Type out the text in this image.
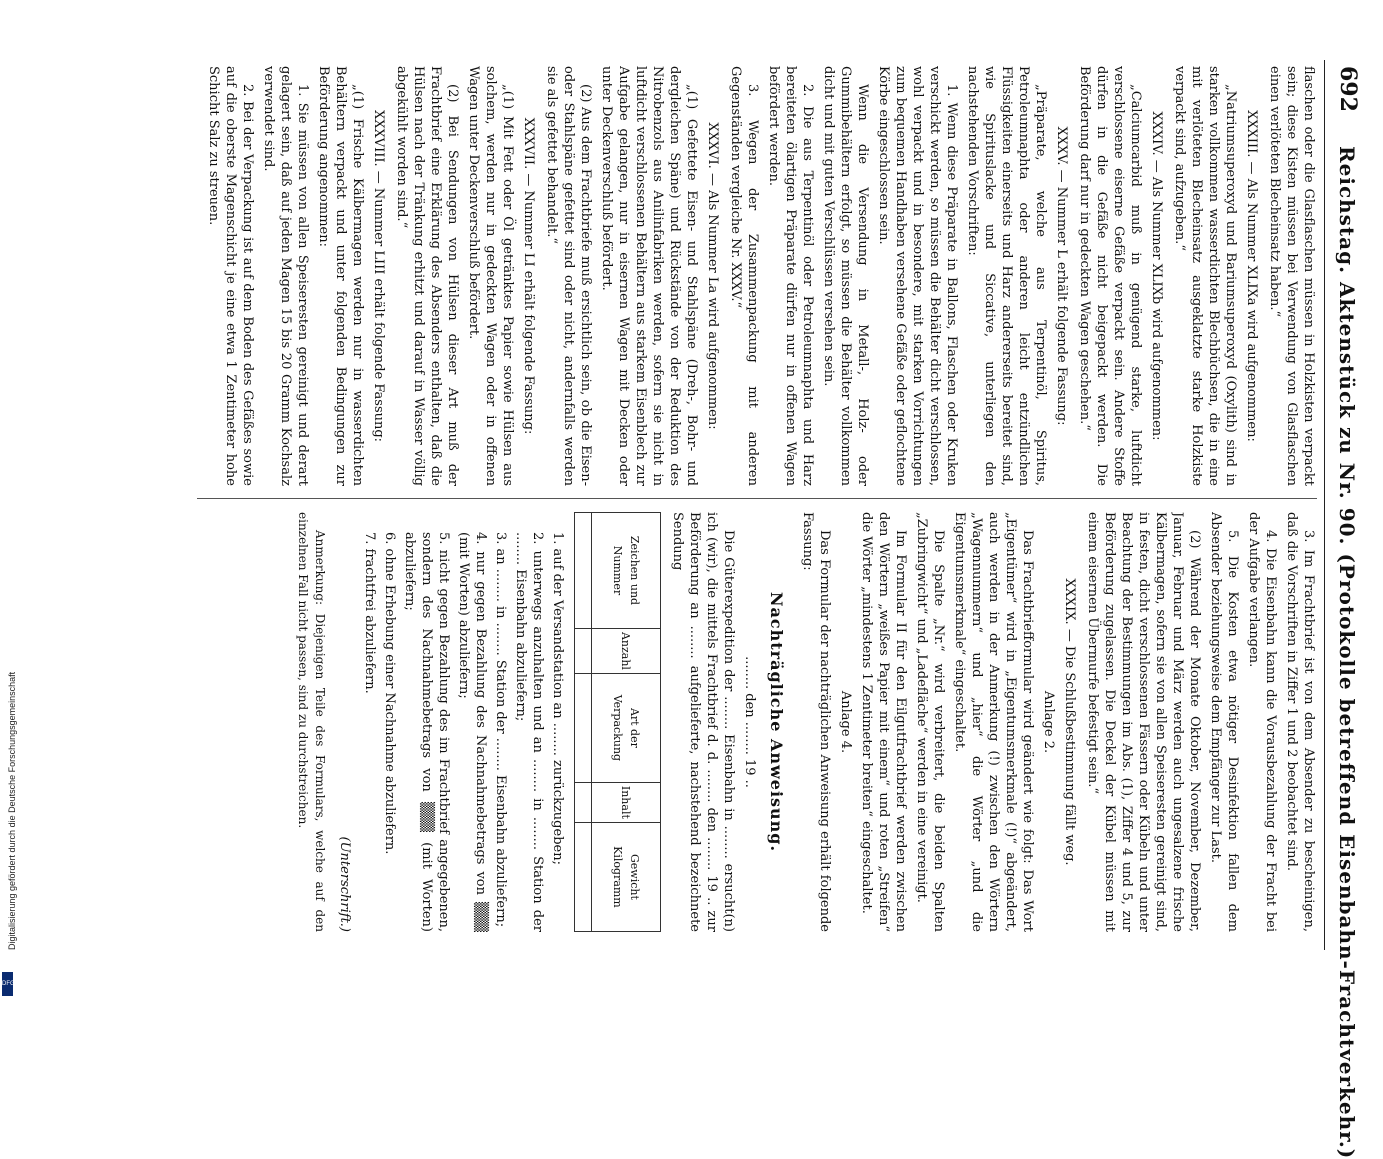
692
Reichstag. Aktenstück zu Nr. 90. (Protokolle betreffend Eisenbahn-Frachtverkehr.)

flaschen oder die Glasflaschen müssen in Holzkisten verpackt sein; diese Kisten müssen bei Verwendung von Glasflaschen einen verlöteten Blecheinsatz haben.“

XXXIII. — Als Nummer XLIXa wird aufgenommen:

„Natriumsuperoxyd und Bariumsuperoxyd (Oxylith) sind in starken vollkommen wasserdichten Blechbüchsen, die in eine mit verlöteten Blecheinsatz ausgeklatzte starke Holzkiste verpackt sind, aufzugeben.“

XXXIV. — Als Nummer XLIXb wird aufgenommen:

„Calciumcarbid muß in genügend starke, luftdicht verschlossene eiserne Gefäße verpackt sein. Andere Stoffe dürfen in die Gefäße nicht beigepackt werden. Die Beförderung darf nur in gedeckten Wagen geschehen.“

XXXV. — Nummer L erhält folgende Fassung:

„Präparate, welche aus Terpentinöl, Spiritus, Petroleumnaphta oder anderen leicht entzündlichen Flüssigkeiten einerseits und Harz andererseits bereitet sind, wie Spirituslacke und Siccative, unterliegen den nachstehenden Vorschriften:

1. Wenn diese Präparate in Ballons, Flaschen oder Kruken verschickt werden, so müssen die Behälter dicht verschlossen, wohl verpackt und in besondere, mit starken Vorrichtungen zum bequemen Handhaben versehene Gefäße oder geflochtene Körbe eingeschlossen sein.

Wenn die Versendung in Metall-, Holz- oder Gummibehältern erfolgt, so müssen die Behälter vollkommen dicht und mit guten Verschlüssen versehen sein.

2. Die aus Terpentinöl oder Petroleumnaphta und Harz bereiteten ölartigen Präparate dürfen nur in offenen Wagen befördert werden.

3. Wegen der Zusammenpackung mit anderen Gegenständen vergleiche Nr. XXXV.“

XXXVI. — Als Nummer La wird aufgenommen:

„(1) Gefettete Eisen- und Stahlspäne (Dreh-, Bohr- und dergleichen Späne) und Rückstände von der Reduktion des Nitrobenzols aus Anilinfabriken werden, sofern sie nicht in luftdicht verschlossenen Behältern aus starkem Eisenblech zur Aufgabe gelangen, nur in eisernen Wagen mit Decken oder unter Deckenverschluß befördert.

(2) Aus dem Frachtbriefe muß ersichtlich sein, ob die Eisen- oder Stahlspäne gefettet sind oder nicht, andernfalls werden sie als gefettet behandelt.“

XXXVII. — Nummer LI erhält folgende Fassung:

„(1) Mit Fett oder Öl getränktes Papier sowie Hülsen aus solchem, werden nur in gedeckten Wagen oder in offenen Wagen unter Deckenverschluß befördert.

(2) Bei Sendungen von Hülsen dieser Art muß der Frachtbrief eine Erklärung des Absenders enthalten, daß die Hülsen nach der Tränkung erhitzt und darauf in Wasser völlig abgekühlt worden sind.“

XXXVIII. — Nummer LIII erhält folgende Fassung:

„(1) Frische Kälbermagen werden nur in wasserdichten Behältern verpackt und unter folgenden Bedingungen zur Beförderung angenommen:

1. Sie müssen von allen Speiseresten gereinigt und derart gelagert sein, daß auf jeden Magen 15 bis 20 Gramm Kochsalz verwendet sind.

2. Bei der Verpackung ist auf dem Boden des Gefäßes sowie auf die oberste Magenschicht je eine etwa 1 Zentimeter hohe Schicht Salz zu streuen.

3. Im Frachtbrief ist von dem Absender zu bescheinigen, daß die Vorschriften in Ziffer 1 und 2 beobachtet sind.

4. Die Eisenbahn kann die Vorausbezahlung der Fracht bei der Aufgabe verlangen.

5. Die Kosten etwa nötiger Desinfektion fallen dem Absender beziehungsweise dem Empfänger zur Last.

(2) Während der Monate Oktober, November, Dezember, Januar, Februar und März werden auch ungesalzene frische Kälbermagen, sofern sie von allen Speiseresten gereinigt sind, in festen, dicht verschlossenen Fässern oder Kübeln und unter Beachtung der Bestimmungen im Abs. (1), Ziffer 4 und 5, zur Beförderung zugelassen. Die Deckel der Kübel müssen mit einem eisernen Übermurfe befestigt sein.“

XXXIX. — Die Schlußbestimmung fällt weg.

Anlage 2.

Das Frachtbriefformular wird geändert wie folgt: Das Wort „Eigentümer“ wird in „Eigentumsmerkmale (!)“ abgeändert, auch werden in der Anmerkung (!) zwischen den Wörtern „Wagennummern“ und „hier“ die Wörter „und die Eigentumsmerkmale“ eingeschaltet.

Die Spalte „Nr.“ wird verbreitert, die beiden Spalten „Zubringwicht“ und „Ladefläche“ werden in eine vereinigt.

Im Formular II für den Eilgutfrachtbrief werden zwischen den Wörtern „weißes Papier mit einem“ und roten „Streifen“ die Wörter „mindestens 1 Zentimeter breiten“ eingeschaltet.

Anlage 4.

Das Formular der nachträglichen Anweisung erhält folgende Fassung:

Nachträgliche Anweisung.

........ den ........ 19 ..

Die Güterexpedition der ........ Eisenbahn in ........ ersucht(n) ich (wir), die mittels Frachtbrief d. d. ........ den ........ 19 .. zur Beförderung an ........ aufgelieferte, nachstehend bezeichnete Sendung

Zeichen und Nummer	Anzahl	Art der Verpackung	Inhalt	Gewicht Kilogramm

1. auf der Versandstation an ........ zurückzugeben;

2. unterwegs anzuhalten und an ........ in ........ Station der ........ Eisenbahn abzuliefern;

3. an ........ in ........ Station der ........ Eisenbahn abzuliefern;

4. nur gegen Bezahlung des Nachnahmebetrags von ▒▒▒ (mit Worten) abzuliefern;

5. nicht gegen Bezahlung des im Frachtbrief angegebenen, sondern des Nachnahmebetrags von ▒▒▒ (mit Worten) abzuliefern;

6. ohne Erhebung einer Nachnahme abzuliefern.

7. frachtfrei abzuliefern.

(Unterschrift.)

Anmerkung: Diejenigen Teile des Formulars, welche auf den einzelnen Fall nicht passen, sind zu durchstreichen.

Digitalisierung gefördert durch die Deutsche Forschungsgemeinschaft
DFG
